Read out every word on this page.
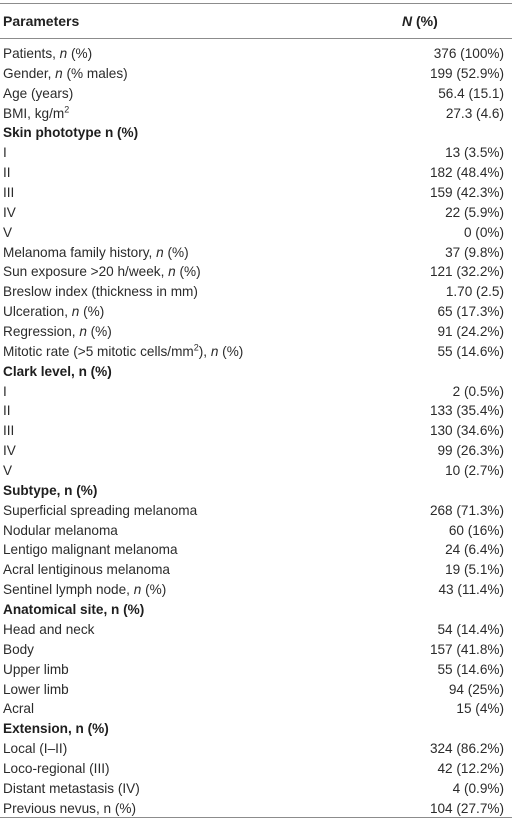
Parameters	N (%)
Patients, n (%)	376 (100%)
Gender, n (% males)	199 (52.9%)
Age (years)	56.4 (15.1)
BMI, $kg/m^2$	27.3 (4.6)
Skin phototype n (%)
I	13 (3.5%)
II	182 (48.4%)
III	159 (42.3%)
IV	22 (5.9%)
V	0 (0%)
Melanoma family history, n (%)	37 (9.8%)
Sun exposure >20 h/week, n (%)	121 (32.2%)
Breslow index (thickness in mm)	1.70 (2.5)
Ulceration, n (%)	65 (17.3%)
Regression, n (%)	91 (24.2%)
Mitotic rate (>5 mitotic cells/$mm^2$), n (%)	55 (14.6%)
Clark level, n (%)
I	2 (0.5%)
II	133 (35.4%)
III	130 (34.6%)
IV	99 (26.3%)
V	10 (2.7%)
Subtype, n (%)
Superficial spreading melanoma	268 (71.3%)
Nodular melanoma	60 (16%)
Lentigo malignant melanoma	24 (6.4%)
Acral lentiginous melanoma	19 (5.1%)
Sentinel lymph node, n (%)	43 (11.4%)
Anatomical site, n (%)
Head and neck	54 (14.4%)
Body	157 (41.8%)
Upper limb	55 (14.6%)
Lower limb	94 (25%)
Acral	15 (4%)
Extension, n (%)
Local (I–II)	324 (86.2%)
Loco-regional (III)	42 (12.2%)
Distant metastasis (IV)	4 (0.9%)
Previous nevus, n (%)	104 (27.7%)
